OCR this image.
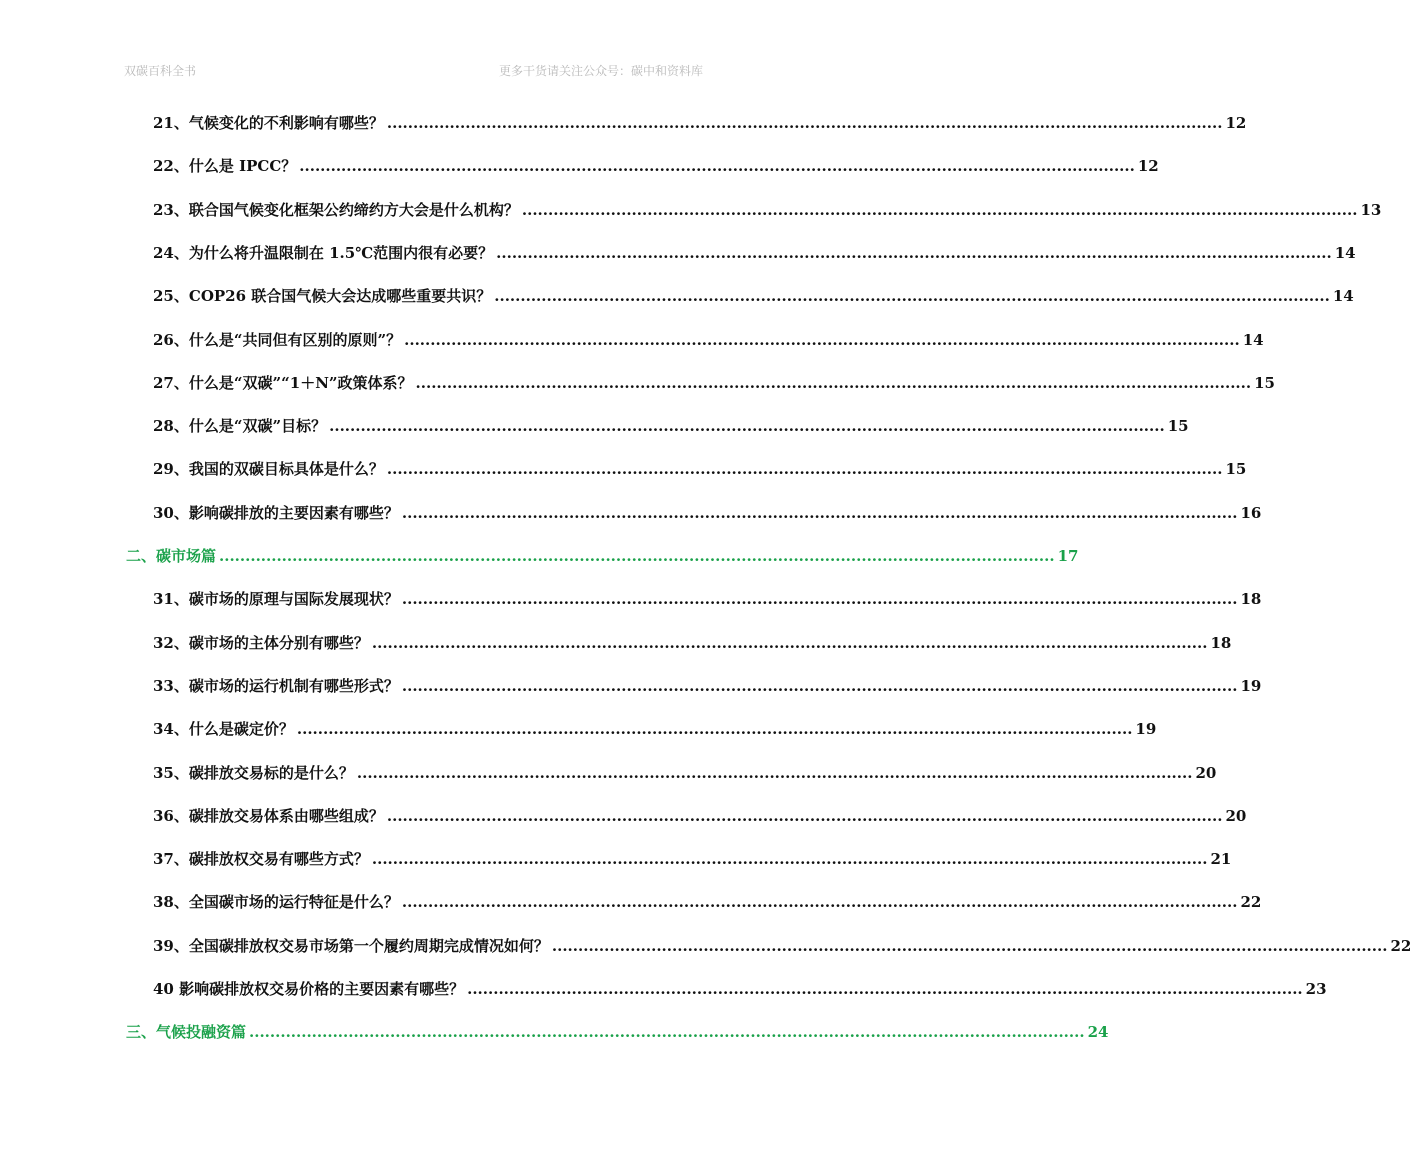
双碳百科全书	更多干货请关注公众号：碳中和资料库
21、气候变化的不利影响有哪些？ ................................................................................................................................................................ 12
22、什么是 IPCC？ ................................................................................................................................................................ 12
23、联合国气候变化框架公约缔约方大会是什么机构？ ................................................................................................................................................................ 13
24、为什么将升温限制在 1.5℃范围内很有必要？ ................................................................................................................................................................ 14
25、COP26 联合国气候大会达成哪些重要共识？ ................................................................................................................................................................ 14
26、什么是“共同但有区别的原则”？ ................................................................................................................................................................ 14
27、什么是“双碳”“1＋N”政策体系？ ................................................................................................................................................................ 15
28、什么是“双碳”目标？ ................................................................................................................................................................ 15
29、我国的双碳目标具体是什么？ ................................................................................................................................................................ 15
30、影响碳排放的主要因素有哪些？ ................................................................................................................................................................ 16
二、碳市场篇 ................................................................................................................................................................ 17
31、碳市场的原理与国际发展现状？ ................................................................................................................................................................ 18
32、碳市场的主体分别有哪些？ ................................................................................................................................................................ 18
33、碳市场的运行机制有哪些形式？ ................................................................................................................................................................ 19
34、什么是碳定价？ ................................................................................................................................................................ 19
35、碳排放交易标的是什么？ ................................................................................................................................................................ 20
36、碳排放交易体系由哪些组成？ ................................................................................................................................................................ 20
37、碳排放权交易有哪些方式？ ................................................................................................................................................................ 21
38、全国碳市场的运行特征是什么？ ................................................................................................................................................................ 22
39、全国碳排放权交易市场第一个履约周期完成情况如何？ ................................................................................................................................................................ 22
40 影响碳排放权交易价格的主要因素有哪些？ ................................................................................................................................................................ 23
三、气候投融资篇 ................................................................................................................................................................ 24
